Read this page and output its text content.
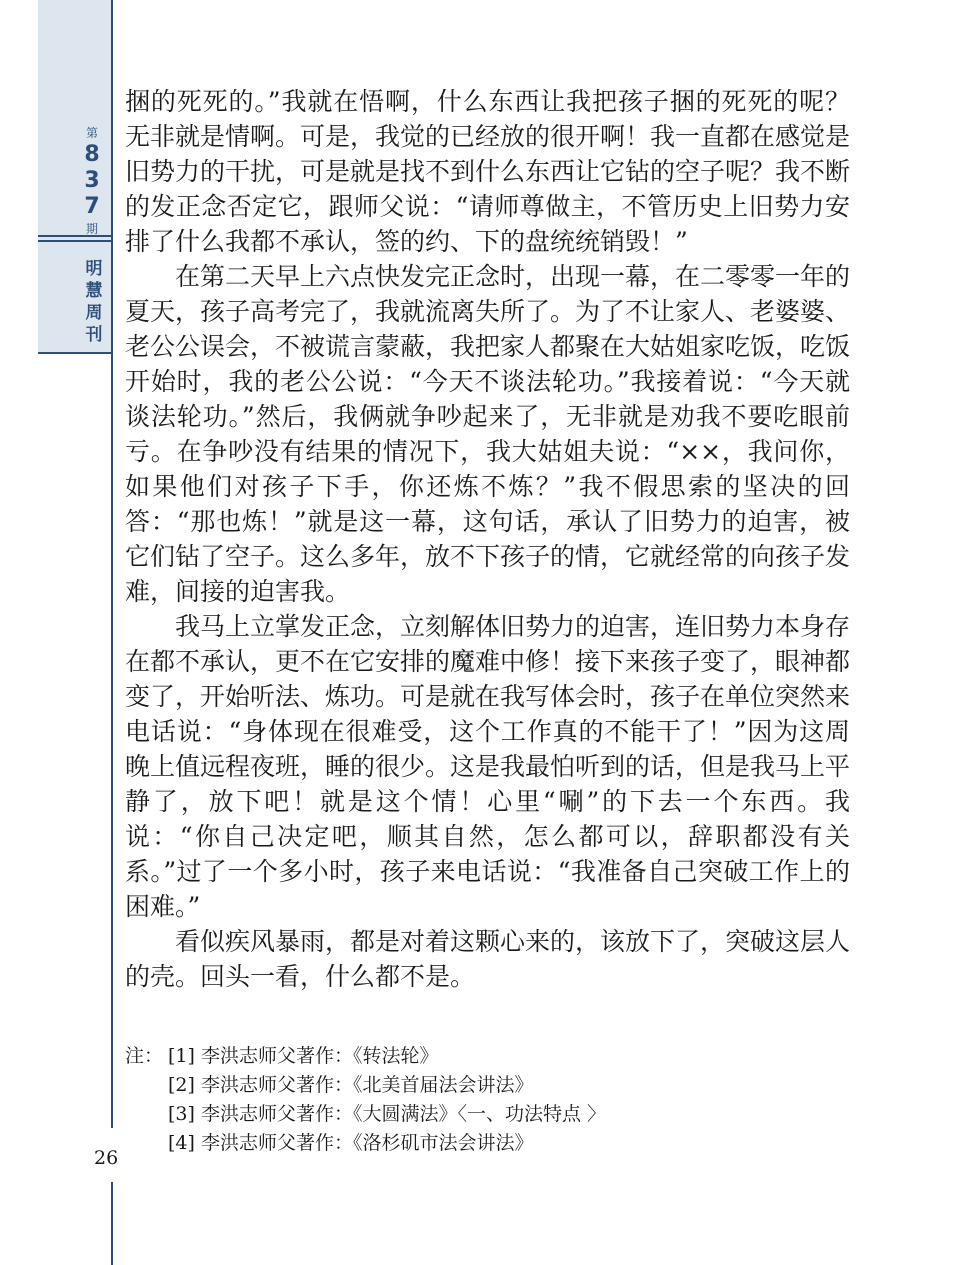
第
8
3
7
期
明
慧
周
刊

捆的死死的。”我就在悟啊，什么东西让我把孩子捆的死死的呢？无非就是情啊。可是，我觉的已经放的很开啊！我一直都在感觉是旧势力的干扰，可是就是找不到什么东西让它钻的空子呢？我不断的发正念否定它，跟师父说：“请师尊做主，不管历史上旧势力安排了什么我都不承认，签的约、下的盘统统销毁！”

在第二天早上六点快发完正念时，出现一幕，在二零零一年的夏天，孩子高考完了，我就流离失所了。为了不让家人、老婆婆、老公公误会，不被谎言蒙蔽，我把家人都聚在大姑姐家吃饭，吃饭开始时，我的老公公说：“今天不谈法轮功。”我接着说：“今天就谈法轮功。”然后，我俩就争吵起来了，无非就是劝我不要吃眼前亏。在争吵没有结果的情况下，我大姑姐夫说：“××，我问你，如果他们对孩子下手，你还炼不炼？”我不假思索的坚决的回答：“那也炼！”就是这一幕，这句话，承认了旧势力的迫害，被它们钻了空子。这么多年，放不下孩子的情，它就经常的向孩子发难，间接的迫害我。

我马上立掌发正念，立刻解体旧势力的迫害，连旧势力本身存在都不承认，更不在它安排的魔难中修！接下来孩子变了，眼神都变了，开始听法、炼功。可是就在我写体会时，孩子在单位突然来电话说：“身体现在很难受，这个工作真的不能干了！”因为这周晚上值远程夜班，睡的很少。这是我最怕听到的话，但是我马上平静了，放下吧！就是这个情！心里“唰”的下去一个东西。我说：“你自己决定吧，顺其自然，怎么都可以，辞职都没有关系。”过了一个多小时，孩子来电话说：“我准备自己突破工作上的困难。”

看似疾风暴雨，都是对着这颗心来的，该放下了，突破这层人的壳。回头一看，什么都不是。

注： [1] 李洪志师父著作：《转法轮》
[2] 李洪志师父著作：《北美首届法会讲法》
[3] 李洪志师父著作：《大圆满法》〈一、功法特点 〉
[4] 李洪志师父著作：《洛杉矶市法会讲法》
26
